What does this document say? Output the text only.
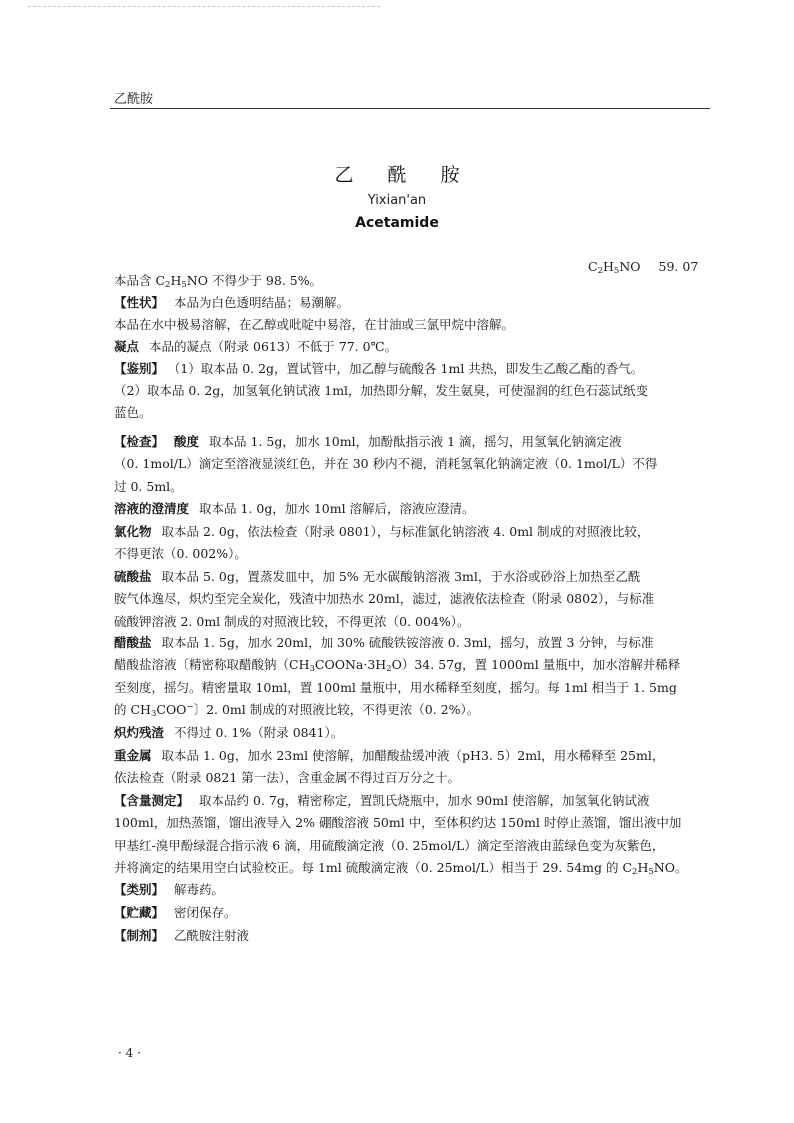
乙酰胺
乙 酰 胺
Yixian'an
Acetamide
$C_2H_5NO$ 59. 07
本品含 $C_2H_5NO$ 不得少于 98. 5%。
【性状】 本品为白色透明结晶；易潮解。
本品在水中极易溶解，在乙醇或吡啶中易溶，在甘油或三氯甲烷中溶解。
凝点 本品的凝点（附录 0613）不低于 77. 0℃。
【鉴别】 （1）取本品 0. 2g，置试管中，加乙醇与硫酸各 1ml 共热，即发生乙酸乙酯的香气。
（2）取本品 0. 2g，加氢氧化钠试液 1ml，加热即分解，发生氨臭，可使湿润的红色石蕊试纸变
蓝色。
【检查】 酸度 取本品 1. 5g，加水 10ml，加酚酞指示液 1 滴，摇匀，用氢氧化钠滴定液
（0. 1mol/L）滴定至溶液显淡红色，并在 30 秒内不褪，消耗氢氧化钠滴定液（0. 1mol/L）不得
过 0. 5ml。
溶液的澄清度 取本品 1. 0g，加水 10ml 溶解后，溶液应澄清。
氯化物 取本品 2. 0g，依法检查（附录 0801），与标准氯化钠溶液 4. 0ml 制成的对照液比较，
不得更浓（0. 002%）。
硫酸盐 取本品 5. 0g，置蒸发皿中，加 5% 无水碳酸钠溶液 3ml，于水浴或砂浴上加热至乙酰
胺气体逸尽，炽灼至完全炭化，残渣中加热水 20ml，滤过，滤液依法检查（附录 0802），与标准
硫酸钾溶液 2. 0ml 制成的对照液比较，不得更浓（0. 004%）。
醋酸盐 取本品 1. 5g，加水 20ml，加 30% 硫酸铁铵溶液 0. 3ml，摇匀，放置 3 分钟，与标准
醋酸盐溶液〔精密称取醋酸钠$(CH_3COONa\cdot 3H_2O)34$. 57g，置 1000ml 量瓶中，加水溶解并稀释
至刻度，摇匀。精密量取 10ml，置 100ml 量瓶中，用水稀释至刻度，摇匀。每 1ml 相当于 1. 5mg
的 $CH_3COO^-$〕2. 0ml 制成的对照液比较，不得更浓（0. 2%）。
炽灼残渣 不得过 0. 1%（附录 0841）。
重金属 取本品 1. 0g，加水 23ml 使溶解，加醋酸盐缓冲液（pH3. 5）2ml，用水稀释至 25ml，
依法检查（附录 0821 第一法），含重金属不得过百万分之十。
【含量测定】 取本品约 0. 7g，精密称定，置凯氏烧瓶中，加水 90ml 使溶解，加氢氧化钠试液
100ml，加热蒸馏，馏出液导入 2% 硼酸溶液 50ml 中，至体积约达 150ml 时停止蒸馏，馏出液中加
甲基红-溴甲酚绿混合指示液 6 滴，用硫酸滴定液（0. 25mol/L）滴定至溶液由蓝绿色变为灰紫色，
并将滴定的结果用空白试验校正。每 1ml 硫酸滴定液（0. 25mol/L）相当于 29. 54mg 的 $C_2H_5NO$。
【类别】 解毒药。
【贮藏】 密闭保存。
【制剂】 乙酰胺注射液
· 4 ·
